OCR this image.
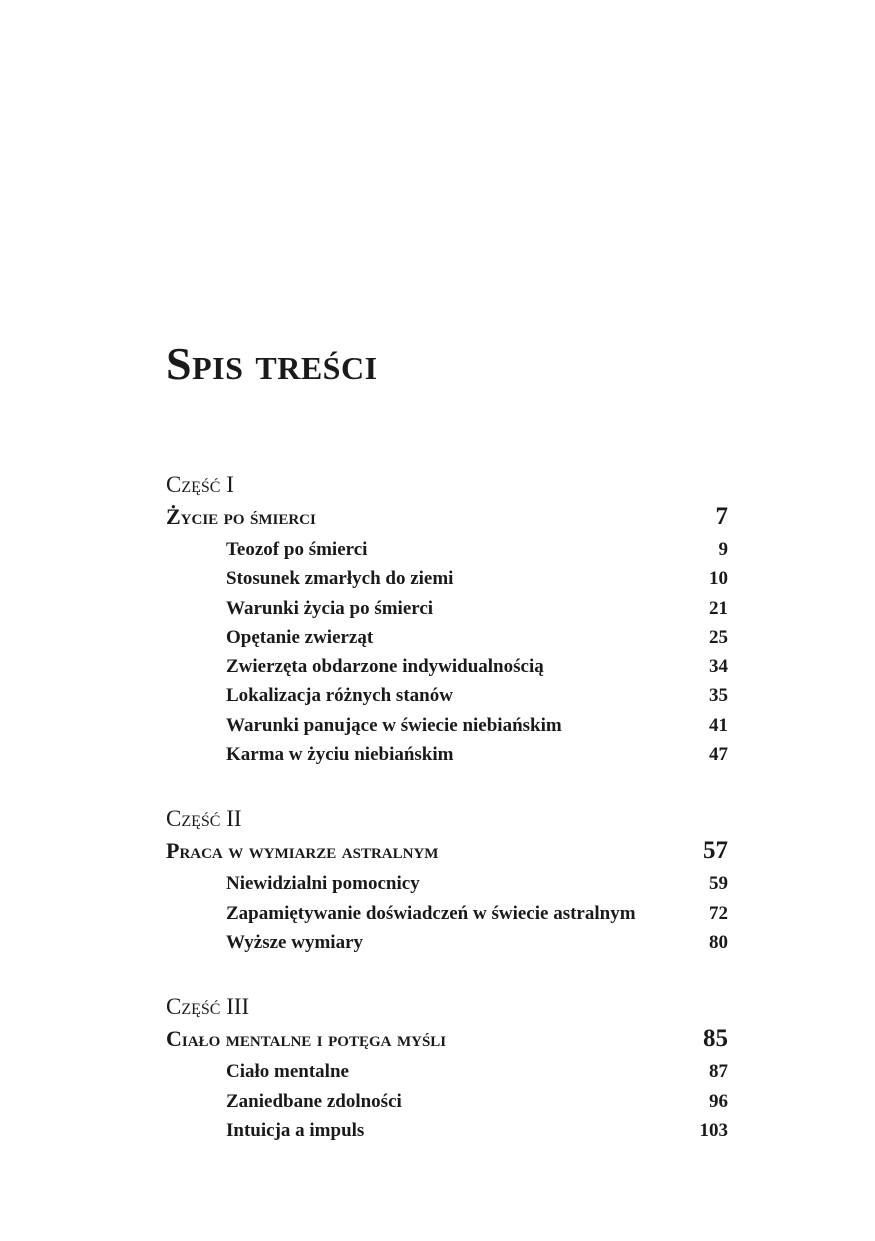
Spis treści
Część I
Życie po śmierci	7
Teozof po śmierci	9
Stosunek zmarłych do ziemi	10
Warunki życia po śmierci	21
Opętanie zwierząt	25
Zwierzęta obdarzone indywidualnością	34
Lokalizacja różnych stanów	35
Warunki panujące w świecie niebiańskim	41
Karma w życiu niebiańskim	47
Część II
Praca w wymiarze astralnym	57
Niewidzialni pomocnicy	59
Zapamiętywanie doświadczeń w świecie astralnym	72
Wyższe wymiary	80
Część III
Ciało mentalne i potęga myśli	85
Ciało mentalne	87
Zaniedbane zdolności	96
Intuicja a impuls	103
